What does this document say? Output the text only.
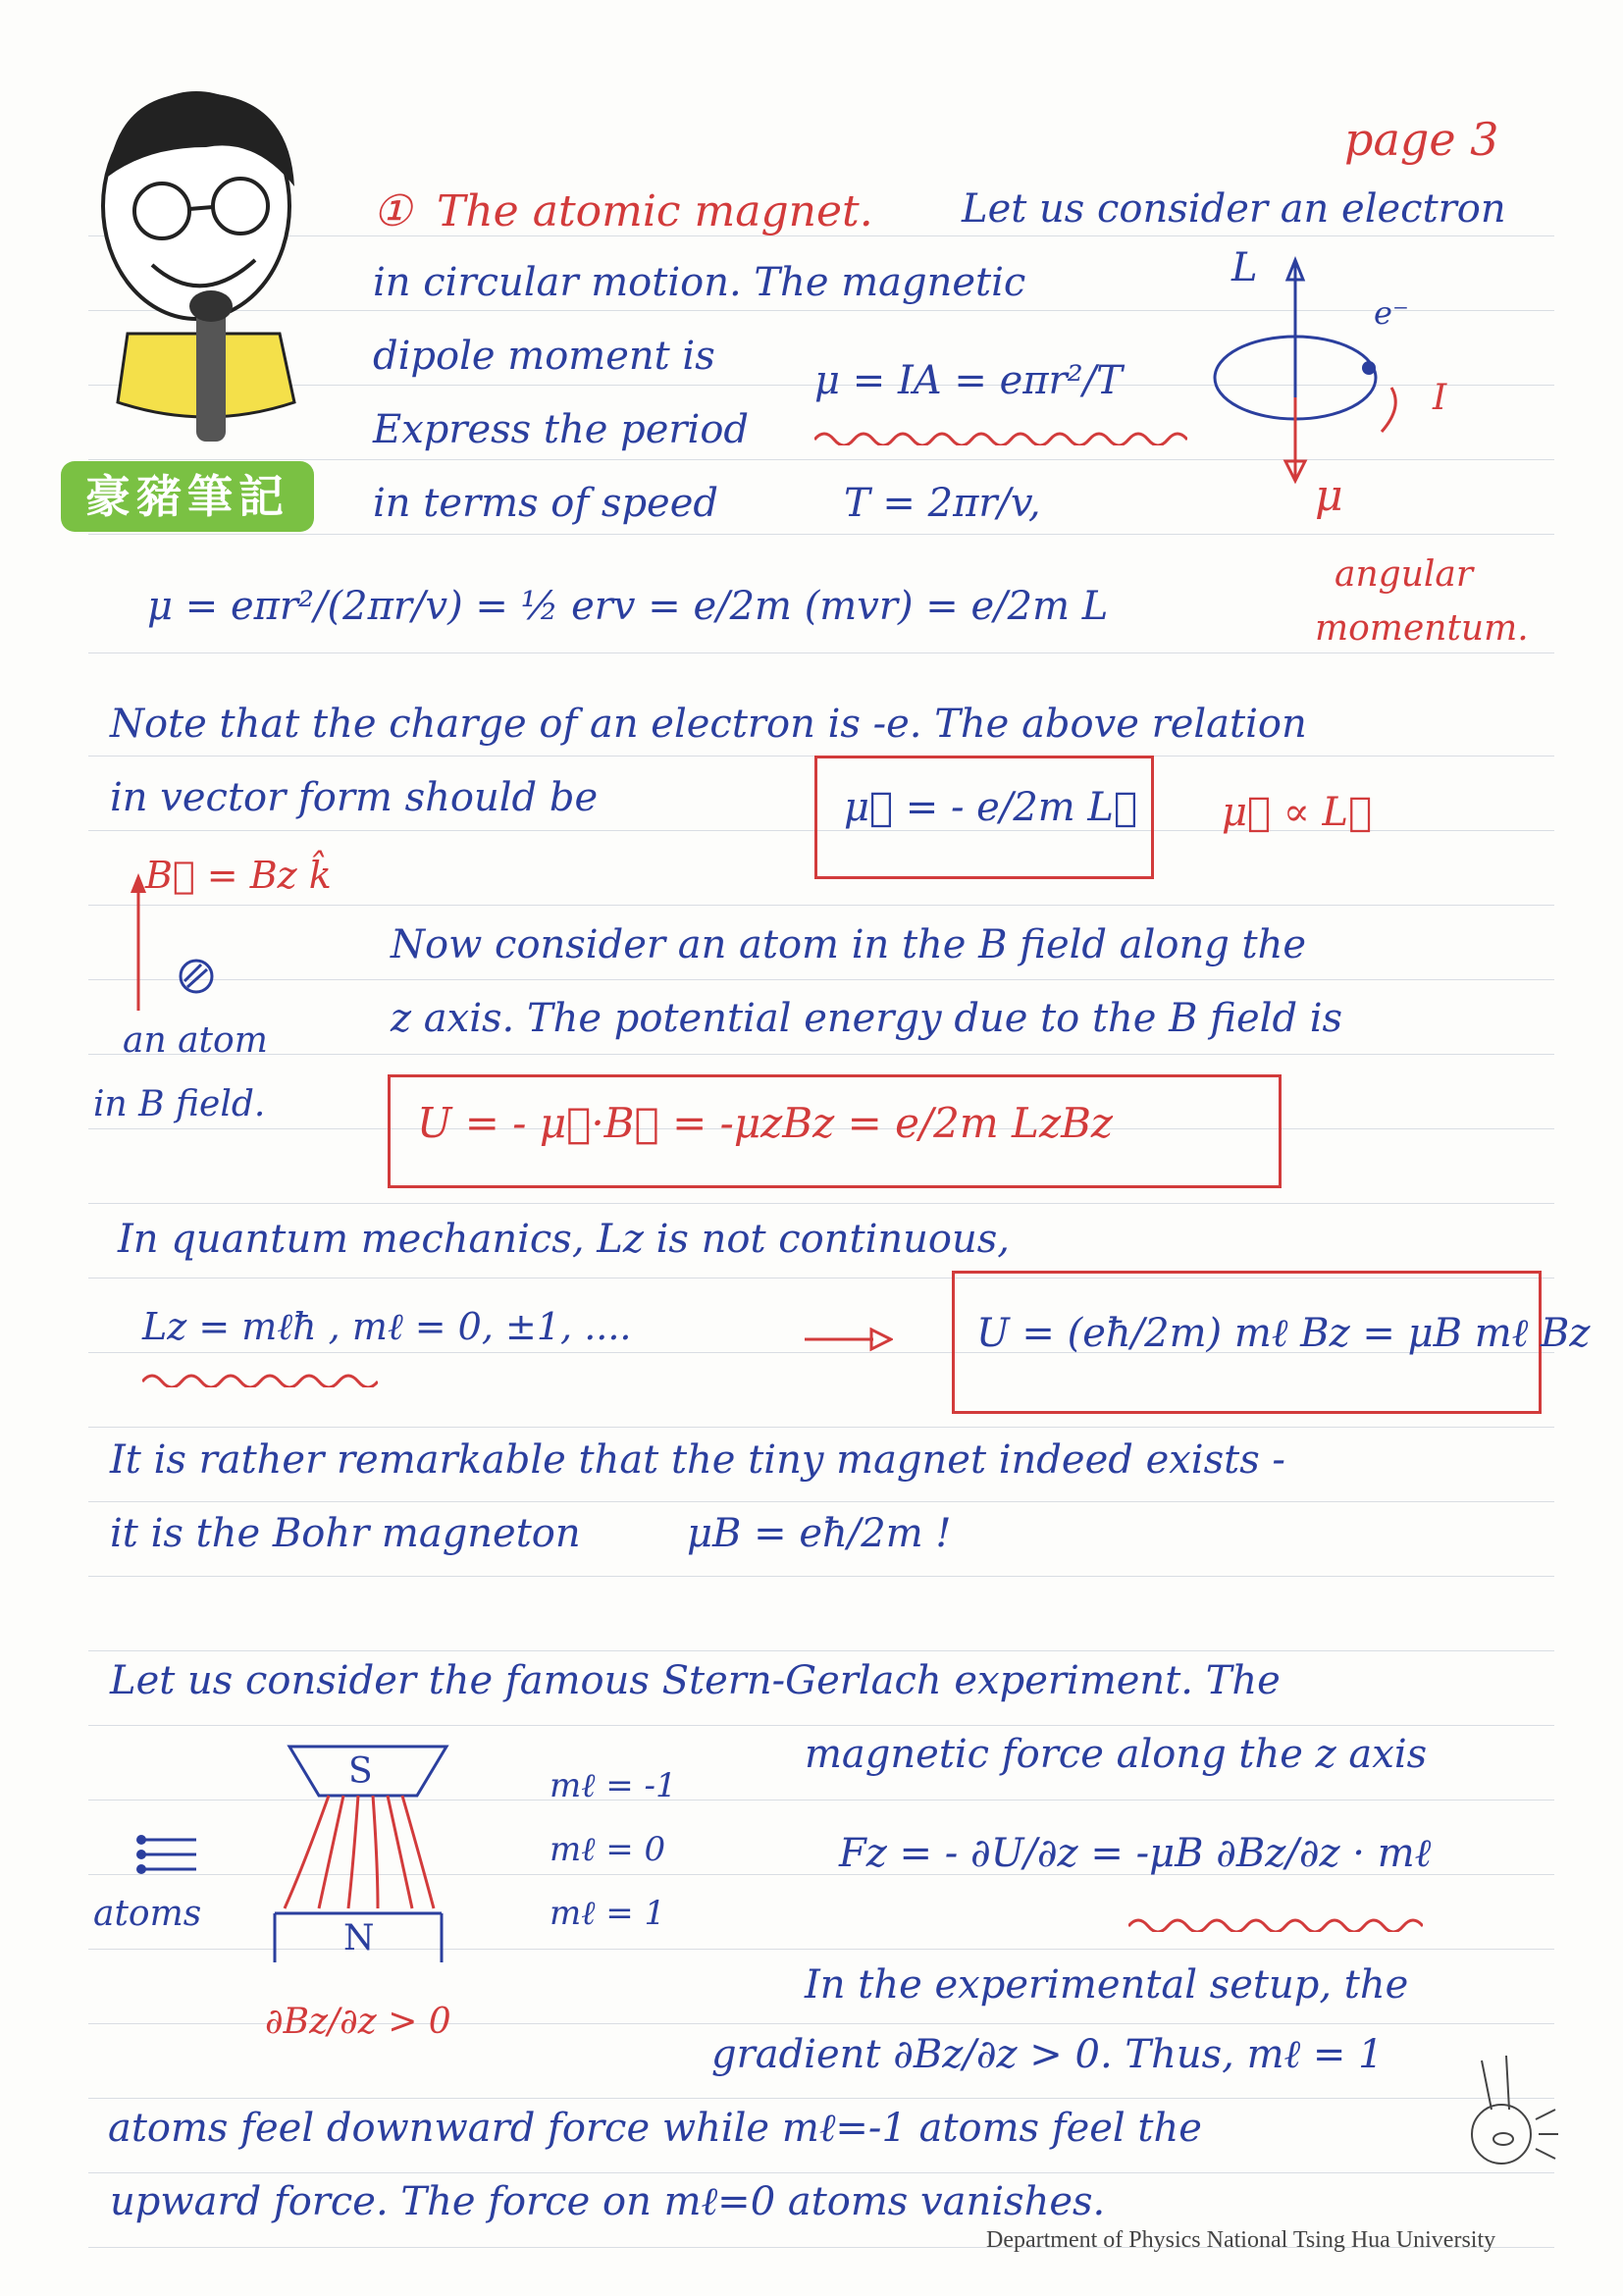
豪豬筆記
page 3
① The atomic magnet. Let us consider an electron
in circular motion. The magnetic
dipole moment is
μ = IA = eπr²/T
Express the period
in terms of speed	T = 2πr/v,
L
e⁻
I
μ
μ = eπr²/(2πr/v) = ½ erv = e/2m (mvr) = e/2m L
angular
momentum.
Note that the charge of an electron is -e. The above relation
in vector form should be	μ⃗ = - e/2m L⃗ μ⃗ ∝ L⃗
B⃗ = Bz k̂
an atom
in B field.
Now consider an atom in the B field along the
z axis. The potential energy due to the B field is
U = - μ⃗·B⃗ = -μzBz = e/2m LzBz
In quantum mechanics, Lz is not continuous,
Lz = mℓħ , mℓ = 0, ±1, ....	U = (eħ/2m) mℓ Bz = μB mℓ Bz
It is rather remarkable that the tiny magnet indeed exists -
it is the Bohr magneton	μB = eħ/2m !
Let us consider the famous Stern-Gerlach experiment. The
magnetic force along the z axis
S
N
atoms
∂Bz/∂z > 0
mℓ = -1
mℓ = 0
mℓ = 1
Fz = - ∂U/∂z = -μB ∂Bz/∂z · mℓ
In the experimental setup, the
gradient ∂Bz/∂z > 0. Thus, mℓ = 1
atoms feel downward force while mℓ=-1 atoms feel the
upward force. The force on mℓ=0 atoms vanishes.
Department of Physics National Tsing Hua University
